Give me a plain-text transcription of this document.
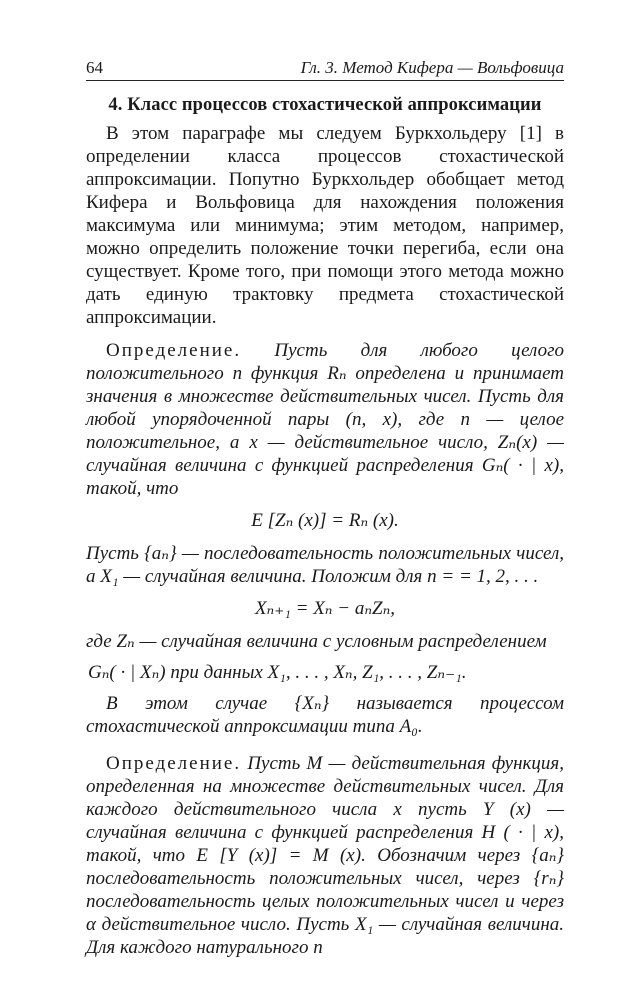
64	Гл. 3. Метод Кифера — Вольфовица
4. Класс процессов стохастической аппроксимации

В этом параграфе мы следуем Буркхольдеру [1] в определении класса процессов стохастической аппроксимации. Попутно Буркхольдер обобщает метод Кифера и Вольфовица для нахождения положения максимума или минимума; этим методом, например, можно определить положение точки перегиба, если она существует. Кроме того, при помощи этого метода можно дать единую трактовку предмета стохастической аппроксимации.

Определение. Пусть для любого целого положительного n функция Rₙ определена и принимает значения в множестве действительных чисел. Пусть для любой упорядоченной пары (n, x), где n — целое положительное, а x — действительное число, Zₙ(x) — случайная величина с функцией распределения Gₙ( · | x), такой, что

E [Zₙ (x)] = Rₙ (x).

Пусть {aₙ} — последовательность положительных чисел, а X₁ — случайная величина. Положим для n = = 1, 2, . . .

Xₙ₊₁ = Xₙ − aₙZₙ,

где Zₙ — случайная величина с условным распределением

Gₙ( · | Xₙ) при данных X₁, . . . , Xₙ, Z₁, . . . , Zₙ₋₁.

В этом случае {Xₙ} называется процессом стохастической аппроксимации типа A₀.

Определение. Пусть M — действительная функция, определенная на множестве действительных чисел. Для каждого действительного числа x пусть Y (x) — случайная величина с функцией распределения H ( · | x), такой, что E [Y (x)] = M (x). Обозначим через {aₙ} последовательность положительных чисел, через {rₙ} последовательность целых положительных чисел и через α действительное число. Пусть X₁ — случайная величина. Для каждого натурального n
